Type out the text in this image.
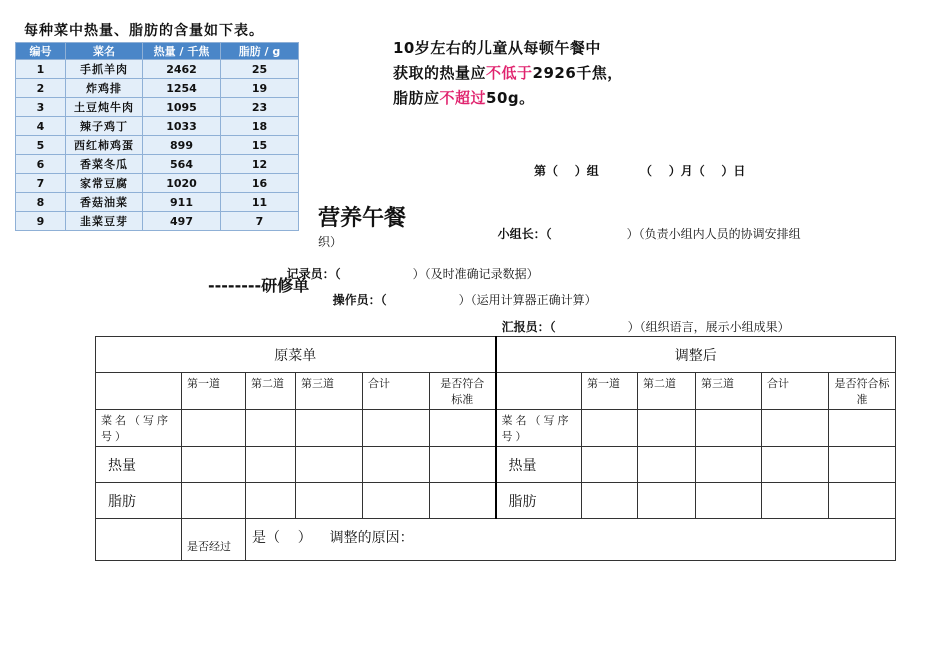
每种菜中热量、脂肪的含量如下表。
编号	菜名	热量 / 千焦	脂肪 / g
1	手抓羊肉	2462	25
2	炸鸡排	1254	19
3	土豆炖牛肉	1095	23
4	辣子鸡丁	1033	18
5	西红柿鸡蛋	899	15
6	香菜冬瓜	564	12
7	家常豆腐	1020	16
8	香菇油菜	911	11
9	韭菜豆芽	497	7
10岁左右的儿童从每顿午餐中
获取的热量应不低于2926千焦，
脂肪应不超过50g。
第（    ）组	（    ）月（    ）日
营养午餐
--------研修单

小组长：（	）（负责小组内人员的协调安排组

织）

记录员：（	）（及时准确记录数据）

操作员：（	）（运用计算器正确计算）

汇报员：（	）（组织语言，展示小组成果）

原菜单						调整后					

	第一道	第二道	第三道	合计	是否符合标准		第一道	第二道	第三道	合计	是否符合标准

菜名（写序号）						菜名（写序号）					

热量						热量					

脂肪						脂肪					

	是否经过	是（    ） 调整的原因：									
